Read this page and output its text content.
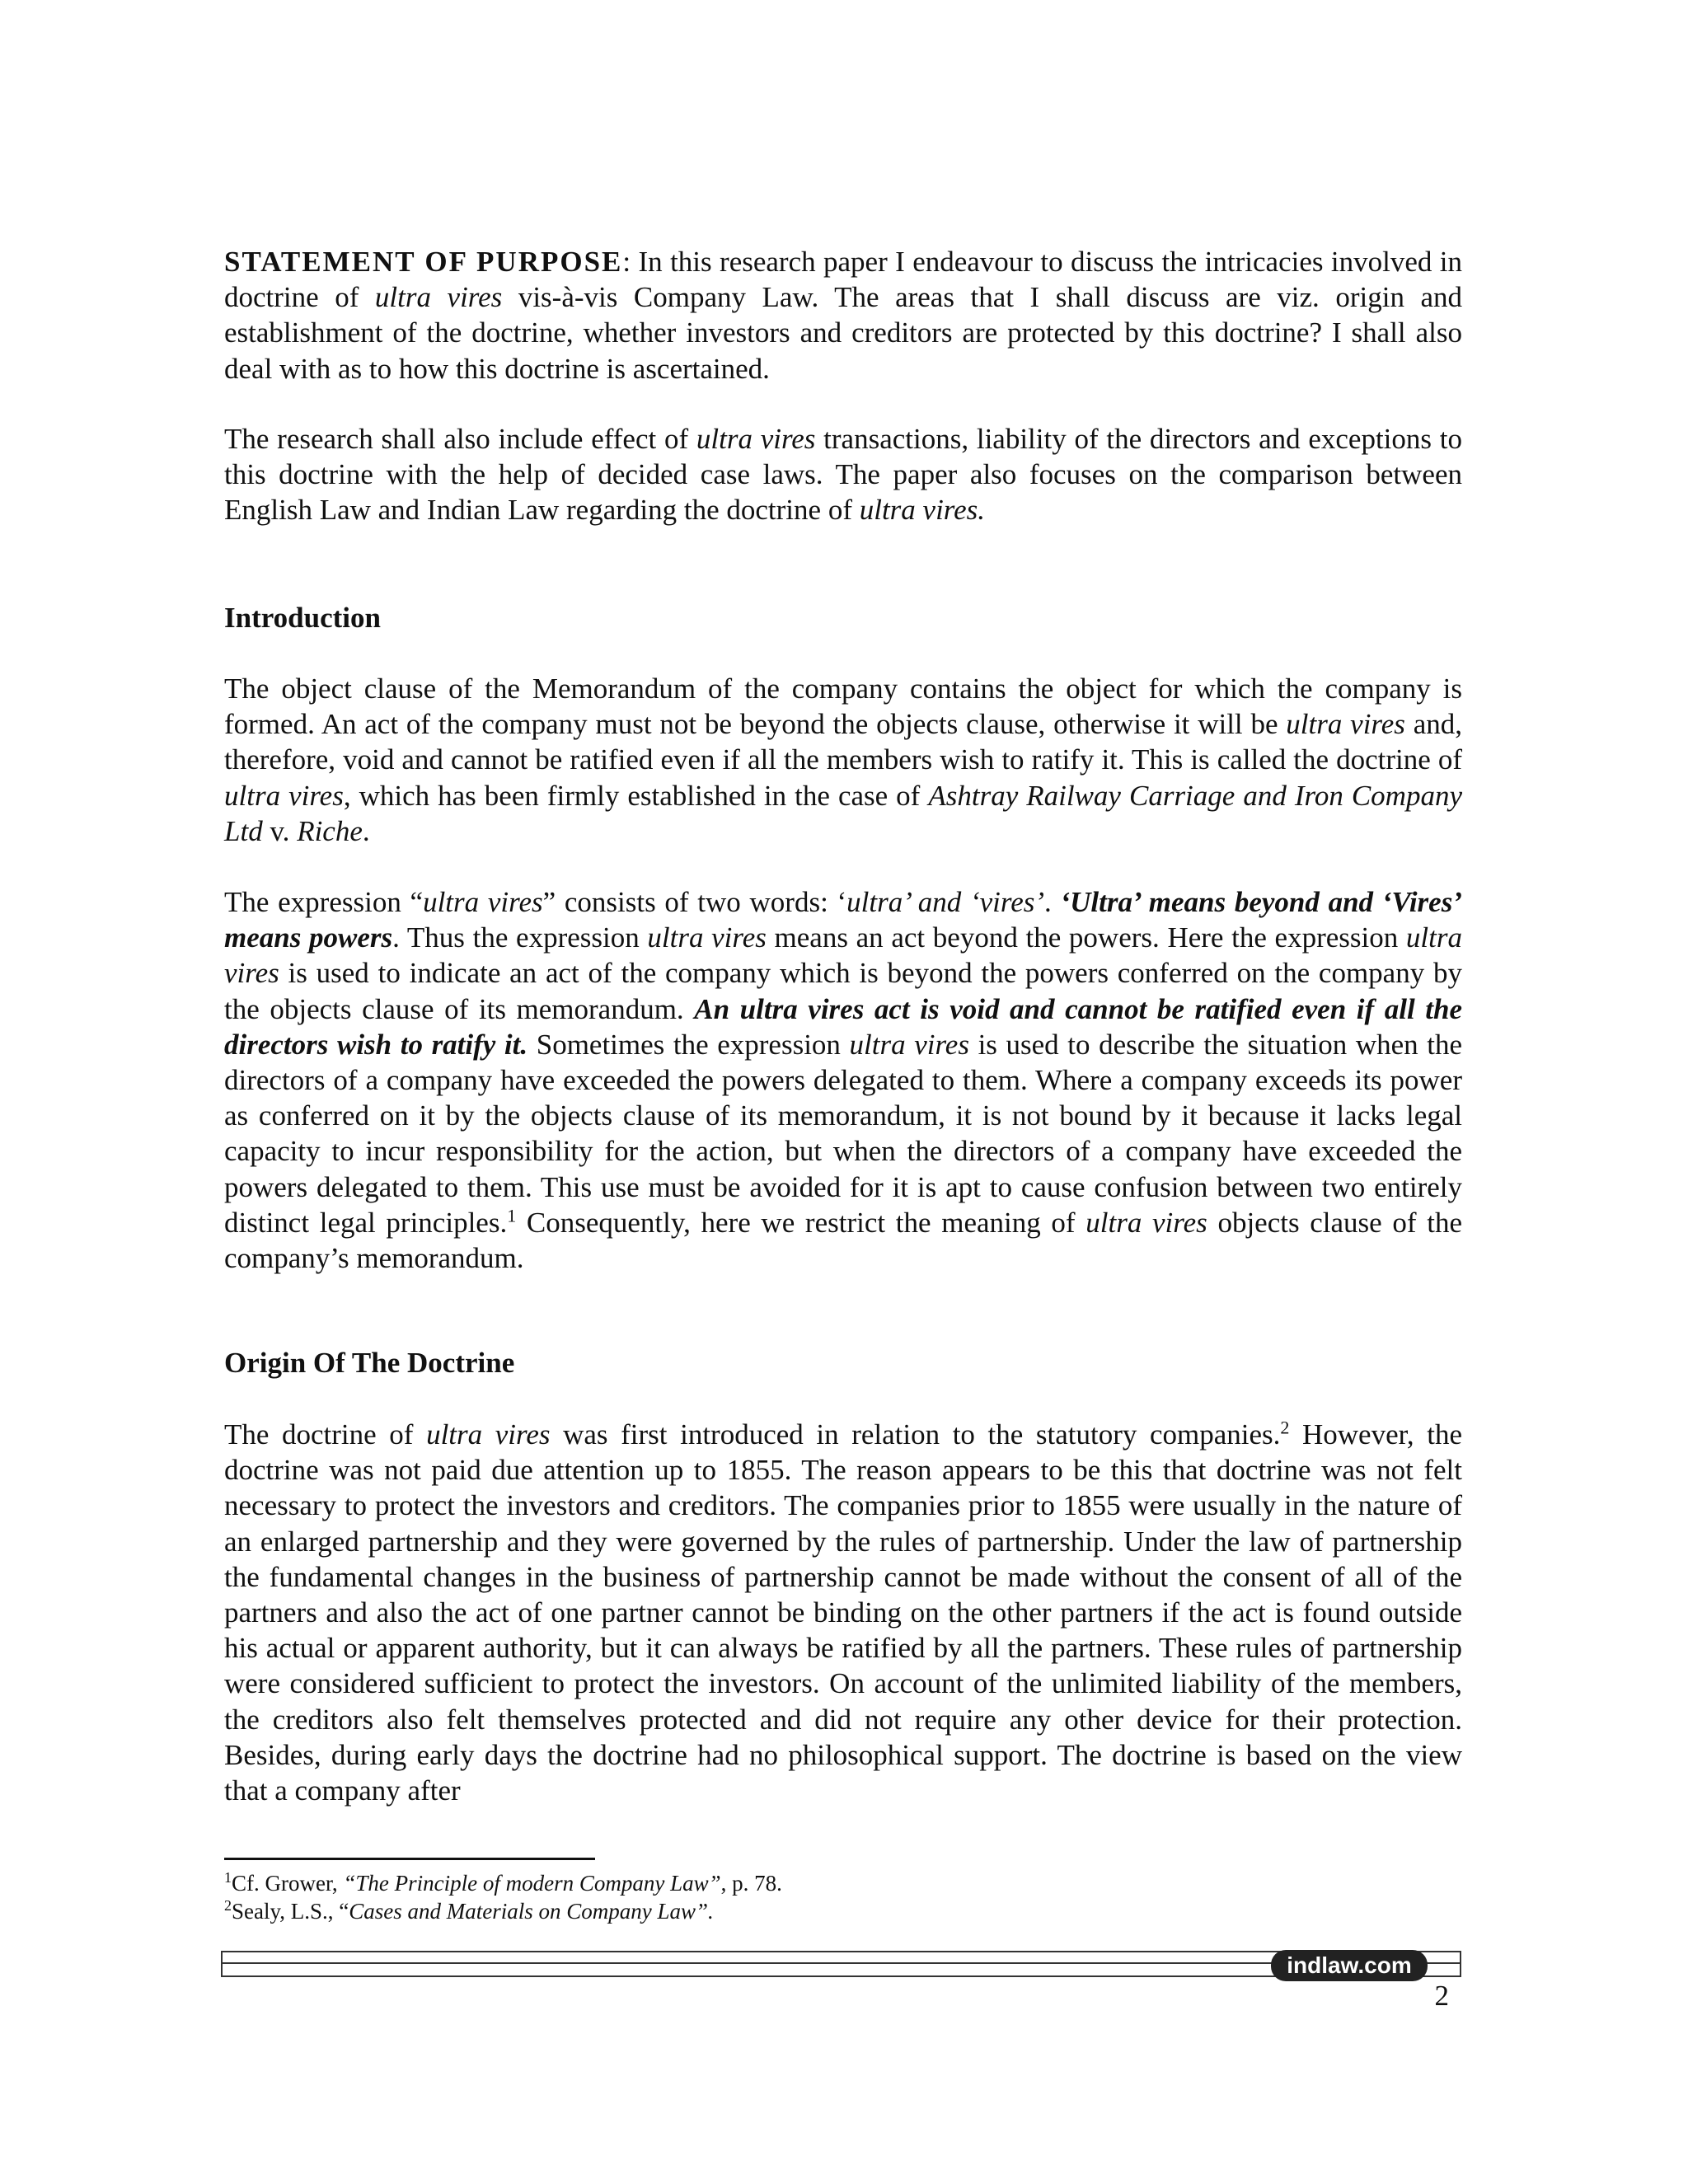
STATEMENT OF PURPOSE: In this research paper I endeavour to discuss the intricacies involved in doctrine of ultra vires vis-à-vis Company Law. The areas that I shall discuss are viz. origin and establishment of the doctrine, whether investors and creditors are protected by this doctrine? I shall also deal with as to how this doctrine is ascertained.

The research shall also include effect of ultra vires transactions, liability of the directors and exceptions to this doctrine with the help of decided case laws. The paper also focuses on the comparison between English Law and Indian Law regarding the doctrine of ultra vires.

Introduction

The object clause of the Memorandum of the company contains the object for which the company is formed. An act of the company must not be beyond the objects clause, otherwise it will be ultra vires and, therefore, void and cannot be ratified even if all the members wish to ratify it. This is called the doctrine of ultra vires, which has been firmly established in the case of Ashtray Railway Carriage and Iron Company Ltd v. Riche.

The expression “ultra vires” consists of two words: ‘ultra’ and ‘vires’. ‘Ultra’ means beyond and ‘Vires’ means powers. Thus the expression ultra vires means an act beyond the powers. Here the expression ultra vires is used to indicate an act of the company which is beyond the powers conferred on the company by the objects clause of its memorandum. An ultra vires act is void and cannot be ratified even if all the directors wish to ratify it. Sometimes the expression ultra vires is used to describe the situation when the directors of a company have exceeded the powers delegated to them. Where a company exceeds its power as conferred on it by the objects clause of its memorandum, it is not bound by it because it lacks legal capacity to incur responsibility for the action, but when the directors of a company have exceeded the powers delegated to them. This use must be avoided for it is apt to cause confusion between two entirely distinct legal principles.$^1$ Consequently, here we restrict the meaning of ultra vires objects clause of the company’s memorandum.

Origin Of The Doctrine

The doctrine of ultra vires was first introduced in relation to the statutory companies.$^2$ However, the doctrine was not paid due attention up to 1855. The reason appears to be this that doctrine was not felt necessary to protect the investors and creditors. The companies prior to 1855 were usually in the nature of an enlarged partnership and they were governed by the rules of partnership. Under the law of partnership the fundamental changes in the business of partnership cannot be made without the consent of all of the partners and also the act of one partner cannot be binding on the other partners if the act is found outside his actual or apparent authority, but it can always be ratified by all the partners. These rules of partnership were considered sufficient to protect the investors. On account of the unlimited liability of the members, the creditors also felt themselves protected and did not require any other device for their protection. Besides, during early days the doctrine had no philosophical support. The doctrine is based on the view that a company after

$^1$Cf. Grower, “The Principle of modern Company Law”, p. 78.

$^2$Sealy, L.S., “Cases and Materials on Company Law”.

indlaw.com
2
